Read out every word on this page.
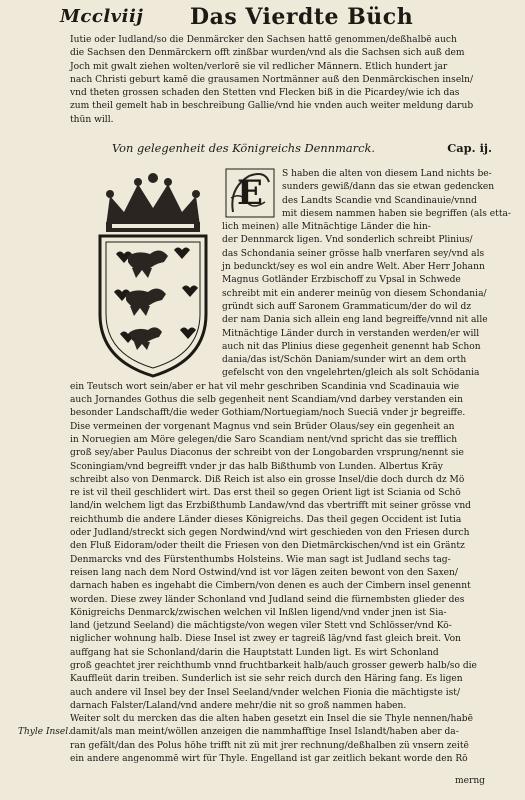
Mcclviij Das Vierdte Büch
Iutie oder Iudland/so die Denmärcker den Sachsen hattē genommen/deßhalbē auch
die Sachsen den Denmärckern offt zinßbar wurden/vnd als die Sachsen sich auß dem
Joch mit gwalt ziehen wolten/verlorē sie vil redlicher Männern. Etlich hundert jar
nach Christi geburt kamē die grausamen Nortmänner auß den Denmärckischen inseln/
vnd theten grossen schaden den Stetten vnd Flecken biß in die Picardey/wie ich das
zum theil gemelt hab in beschreibung Gallie/vnd hie vnden auch weiter meldung darub
thün will.
Von gelegenheit des Königreichs Dennmarck.	Cap. ij.
E S haben die alten von diesem Land nichts be-
sunders gewiß/dann das sie etwan gedencken
des Landts Scandie vnd Scandinauie/vnnd
mit diesem nammen haben sie begriffen (als etta-
lich meinen) alle Mitnächtige Länder die hin-
der Dennmarck ligen. Vnd sonderlich schreibt Plinius/
das Schondania seiner grösse halb vnerfaren sey/vnd als
jn bedunckt/sey es wol ein andre Welt. Aber Herr Johann
Magnus Gotländer Erzbischoff zu Vpsal in Schwede
schreibt mit ein anderer meinūg von diesem Schondania/
gründt sich auff Saronem Grammaticum/der do wil dz
der nam Dania sich allein eng land begreiffe/vnnd nit alle
Mitnächtige Länder durch in verstanden werden/er will
auch nit das Plinius diese gegenheit genennt hab Schon
dania/das ist/Schön Daniam/sunder wirt an dem orth
gefelscht von den vngelehrten/gleich als solt Schödania
ein Teutsch wort sein/aber er hat vil mehr geschriben Scandinia vnd Scadinauia wie
auch Jornandes Gothus die selb gegenheit nent Scandiam/vnd darbey verstanden ein
besonder Landschafft/die weder Gothiam/Nortuegiam/noch Sueciā vnder jr begreiffe.
Dise vermeinen der vorgenant Magnus vnd sein Brüder Olaus/sey ein gegenheit an
in Noruegien am Möre gelegen/die Saro Scandiam nent/vnd spricht das sie trefflich
groß sey/aber Paulus Diaconus der schreibt von der Longobarden vrsprung/nennt sie
Sconingiam/vnd begreifft vnder jr das halb Bißthumb von Lunden. Albertus Kräy
schreibt also von Denmarck. Diß Reich ist also ein grosse Insel/die doch durch dz Mö
re ist vil theil geschlidert wirt. Das erst theil so gegen Orient ligt ist Sciania od Schö
land/in welchem ligt das Erzbißthumb Landaw/vnd das vbertrifft mit seiner grösse vnd
reichthumb die andere Länder dieses Königreichs. Das theil gegen Occident ist Iutia
oder Judland/streckt sich gegen Nordwind/vnd wirt geschieden von den Friesen durch
den Fluß Eidoram/oder theilt die Friesen von den Dietmärckischen/vnd ist ein Gräntz
Denmarcks vnd des Fürstenthumbs Holsteins. Wie man sagt ist Judland sechs tag-
reisen lang nach dem Nord Ostwind/vnd ist vor lägen zeiten bewont von den Saxen/
darnach haben es ingehabt die Cimbern/von denen es auch der Cimbern insel genennt
worden. Diese zwey länder Schonland vnd Judland seind die fürnembsten glieder des
Königreichs Denmarck/zwischen welchen vil Inßlen ligend/vnd vnder jnen ist Sia-
land (jetzund Seeland) die mächtigste/von wegen viler Stett vnd Schlösser/vnd Kö-
niglicher wohnung halb. Diese Insel ist zwey er tagreiß lāg/vnd fast gleich breit. Von
auffgang hat sie Schonland/darin die Hauptstatt Lunden ligt. Es wirt Schonland
groß geachtet jrer reichthumb vnnd fruchtbarkeit halb/auch grosser gewerb halb/so die
Kauffleüt darin treiben. Sunderlich ist sie sehr reich durch den Häring fang. Es ligen
auch andere vil Insel bey der Insel Seeland/vnder welchen Fionia die mächtigste ist/
darnach Falster/Laland/vnd andere mehr/die nit so groß nammen haben.
Weiter solt du mercken das die alten haben gesetzt ein Insel die sie Thyle nennen/habē
damit/als man meint/wöllen anzeigen die nammhafftige Insel Islandt/haben aber da-
ran gefält/dan des Polus höhe trifft nit zü mit jrer rechnung/deßhalben zü vnsern zeitē
ein andere angenommē wirt für Thyle. Engelland ist gar zeitlich bekant worde den Rō
Thyle Insel.
merng
